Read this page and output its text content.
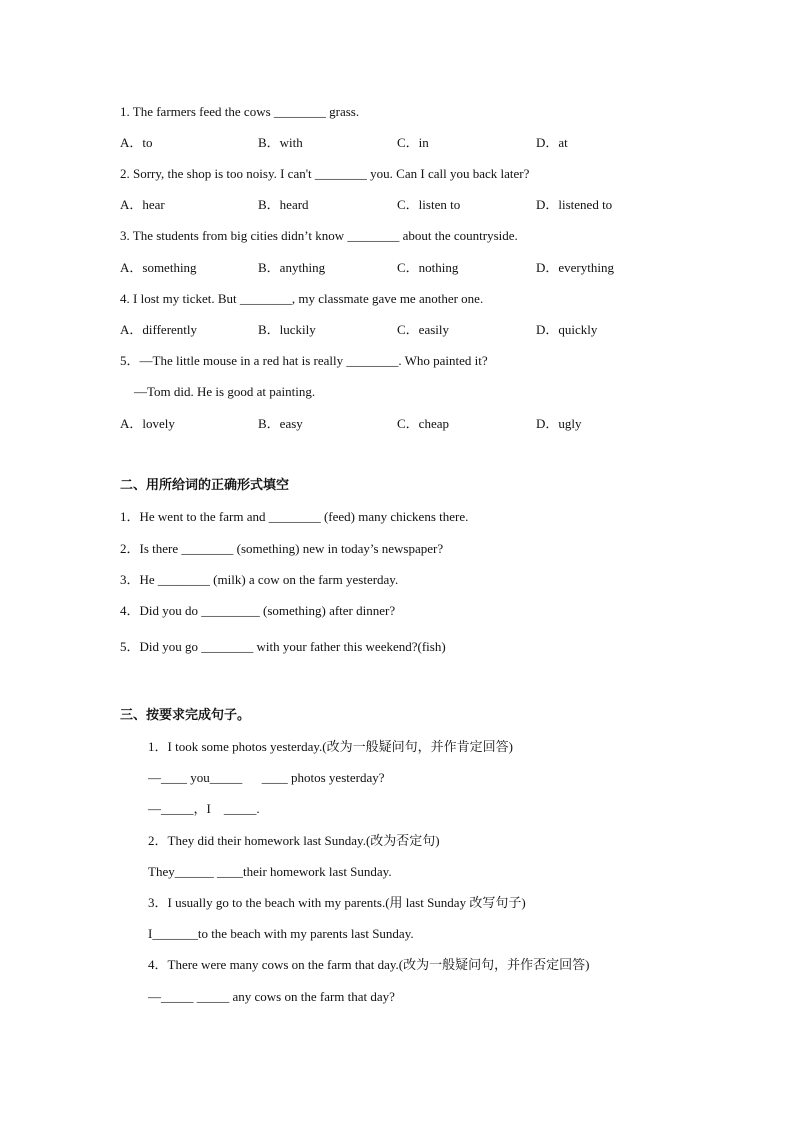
1. The farmers feed the cows ________ grass.
A．to	B．with	C．in	D．at
2. Sorry, the shop is too noisy. I can't ________ you. Can I call you back later?
A．hear	B．heard	C．listen to	D．listened to
3. The students from big cities didn’t know ________ about the countryside.
A．something	B．anything	C．nothing	D．everything
4. I lost my ticket. But ________, my classmate gave me another one.
A．differently	B．luckily	C．easily	D．quickly
5．—The little mouse in a red hat is really ________. Who painted it?
—Tom did. He is good at painting.
A．lovely	B．easy	C．cheap	D．ugly
二、用所给词的正确形式填空
1．He went to the farm and ________ (feed) many chickens there.
2．Is there ________ (something) new in today’s newspaper?
3．He ________ (milk) a cow on the farm yesterday.
4．Did you do _________ (something) after dinner?
5．Did you go ________ with your father this weekend?(fish)
三、按要求完成句子。
1．I took some photos yesterday.(改为一般疑问句，并作肯定回答)
—____ you_____      ____ photos yesterday?
—_____，I    _____.
2．They did their homework last Sunday.(改为否定句)
They______ ____their homework last Sunday.
3．I usually go to the beach with my parents.(用 last Sunday 改写句子)
I_______to the beach with my parents last Sunday.
4．There were many cows on the farm that day.(改为一般疑问句，并作否定回答)
—_____ _____ any cows on the farm that day?
